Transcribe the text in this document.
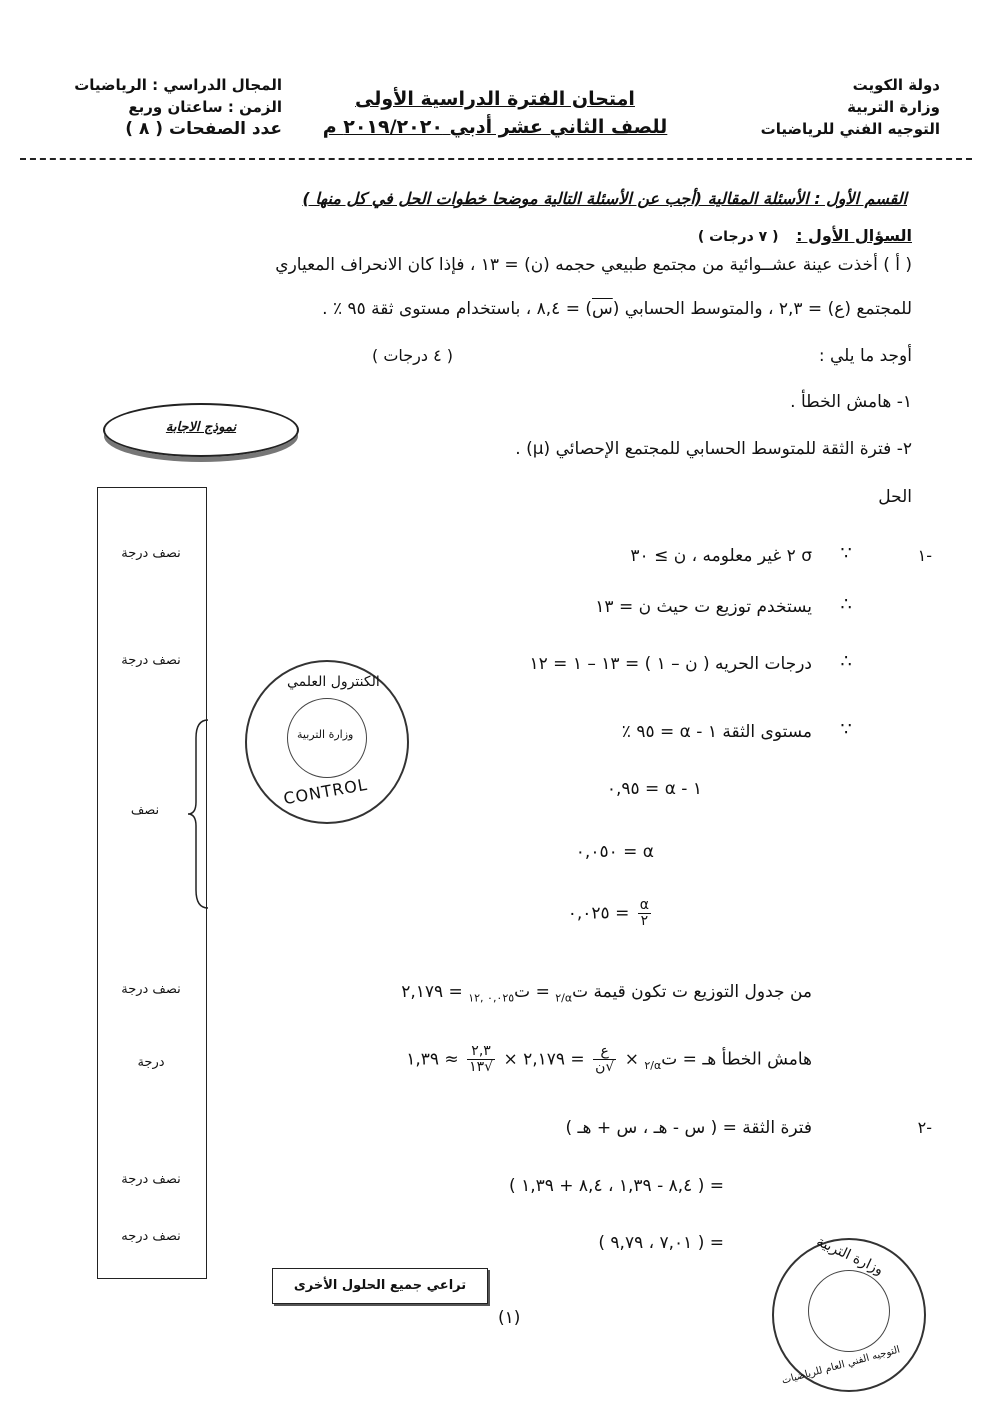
دولة الكويت
وزارة التربية
التوجيه الفني للرياضيات
امتحان الفترة الدراسية الأولى
للصف الثاني عشر أدبي ٢٠١٩/٢٠٢٠ م
المجال الدراسي : الرياضيات
الزمن : ساعتان وربع
عدد الصفحات ( ٨ )
القسم الأول : الأسئلة المقالية (أجب عن الأسئلة التالية موضحا خطوات الحل في كل منها )
السؤال الأول : ( ٧ درجات )
( أ ) أخذت عينة عشــوائية من مجتمع طبيعي حجمه (ن) = ١٣ ، فإذا كان الانحراف المعياري
للمجتمع (ع) = ٢,٣ ، والمتوسط الحسابي (س) = ٨,٤ ، باستخدام مستوى ثقة ٩٥ ٪ .
أوجد ما يلي :
( ٤ درجات )
١- هامش الخطأ .
٢- فترة الثقة للمتوسط الحسابي للمجتمع الإحصائي (µ) .
نموذج الاجابة
الحل
نصف درجة
نصف درجة
نصف
نصف درجة
درجة
نصف درجة
نصف درجه
-١
∵
σ ٢ غير معلومه ، ن ≥ ٣٠
∴
يستخدم توزيع ت حيث ن = ١٣
∴
درجات الحريه ( ن – ١ ) = ١٣ – ١ = ١٢
∵
مستوى الثقة ١ - α = ٩٥ ٪
١ - α = ٠,٩٥
α = ٠,٠٥٠
$\frac{\alpha}{٢}$
= ٠,٠٢٥
من جدول التوزيع ت تكون قيمة ت$_{\alpha/٢}$ = ت$_{٠,٠٢٥ ,١٢}$ = ٢,١٧٩
هامش الخطأ هـ = ت$_{\alpha/٢}$ ×
$\frac{\text{ع}}{\text{√ن}}$
= ٢,١٧٩ ×
$\frac{٢,٣}{√١٣}$
≈ ١,٣٩
-٢
فترة الثقة = ( س - هـ ، س + هـ )
= ( ٨,٤ - ١,٣٩ ، ٨,٤ + ١,٣٩ )
= ( ٧,٠١ ، ٩,٧٩ )
تراعي جميع الحلول الأخرى
(١)
الكنترول العلمي
وزارة التربية
CONTROL
وزارة التربية
التوجيه الفني العام للرياضيات
